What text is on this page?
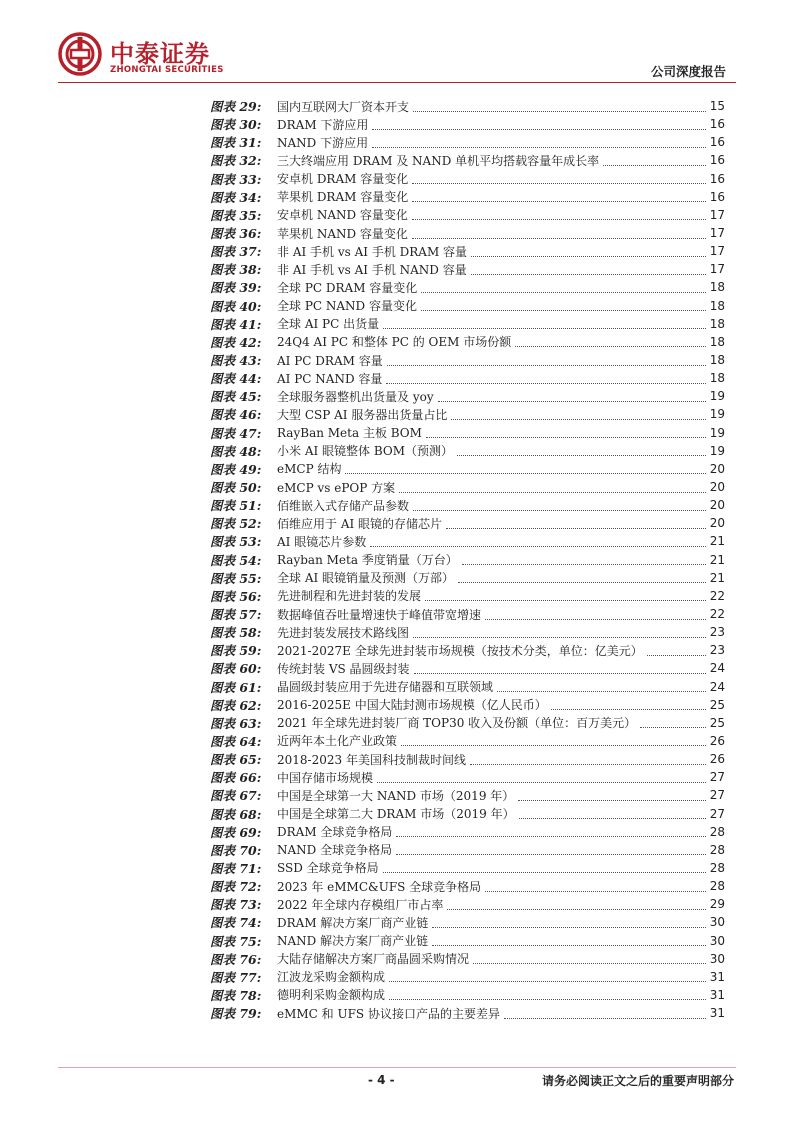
中泰证券
ZHONGTAI SECURITIES	公司深度报告
图表 29:	国内互联网大厂资本开支	15
图表 30:	DRAM 下游应用	16
图表 31:	NAND 下游应用	16
图表 32:	三大终端应用 DRAM 及 NAND 单机平均搭载容量年成长率	16
图表 33:	安卓机 DRAM 容量变化	16
图表 34:	苹果机 DRAM 容量变化	16
图表 35:	安卓机 NAND 容量变化	17
图表 36:	苹果机 NAND 容量变化	17
图表 37:	非 AI 手机 vs AI 手机 DRAM 容量	17
图表 38:	非 AI 手机 vs AI 手机 NAND 容量	17
图表 39:	全球 PC DRAM 容量变化	18
图表 40:	全球 PC NAND 容量变化	18
图表 41:	全球 AI PC 出货量	18
图表 42:	24Q4 AI PC 和整体 PC 的 OEM 市场份额	18
图表 43:	AI PC DRAM 容量	18
图表 44:	AI PC NAND 容量	18
图表 45:	全球服务器整机出货量及 yoy	19
图表 46:	大型 CSP AI 服务器出货量占比	19
图表 47:	RayBan Meta 主板 BOM	19
图表 48:	小米 AI 眼镜整体 BOM（预测）	19
图表 49:	eMCP 结构	20
图表 50:	eMCP vs ePOP 方案	20
图表 51:	佰维嵌入式存储产品参数	20
图表 52:	佰维应用于 AI 眼镜的存储芯片	20
图表 53:	AI 眼镜芯片参数	21
图表 54:	Rayban Meta 季度销量（万台）	21
图表 55:	全球 AI 眼镜销量及预测（万部）	21
图表 56:	先进制程和先进封装的发展	22
图表 57:	数据峰值吞吐量增速快于峰值带宽增速	22
图表 58:	先进封装发展技术路线图	23
图表 59:	2021-2027E 全球先进封装市场规模（按技术分类，单位：亿美元）	23
图表 60:	传统封装 VS 晶圆级封装	24
图表 61:	晶圆级封装应用于先进存储器和互联领域	24
图表 62:	2016-2025E 中国大陆封测市场规模（亿人民币）	25
图表 63:	2021 年全球先进封装厂商 TOP30 收入及份额（单位：百万美元）	25
图表 64:	近两年本土化产业政策	26
图表 65:	2018-2023 年美国科技制裁时间线	26
图表 66:	中国存储市场规模	27
图表 67:	中国是全球第一大 NAND 市场（2019 年）	27
图表 68:	中国是全球第二大 DRAM 市场（2019 年）	27
图表 69:	DRAM 全球竞争格局	28
图表 70:	NAND 全球竞争格局	28
图表 71:	SSD 全球竞争格局	28
图表 72:	2023 年 eMMC&UFS 全球竞争格局	28
图表 73:	2022 年全球内存模组厂市占率	29
图表 74:	DRAM 解决方案厂商产业链	30
图表 75:	NAND 解决方案厂商产业链	30
图表 76:	大陆存储解决方案厂商晶圆采购情况	30
图表 77:	江波龙采购金额构成	31
图表 78:	德明利采购金额构成	31
图表 79:	eMMC 和 UFS 协议接口产品的主要差异	31
- 4 -	请务必阅读正文之后的重要声明部分
